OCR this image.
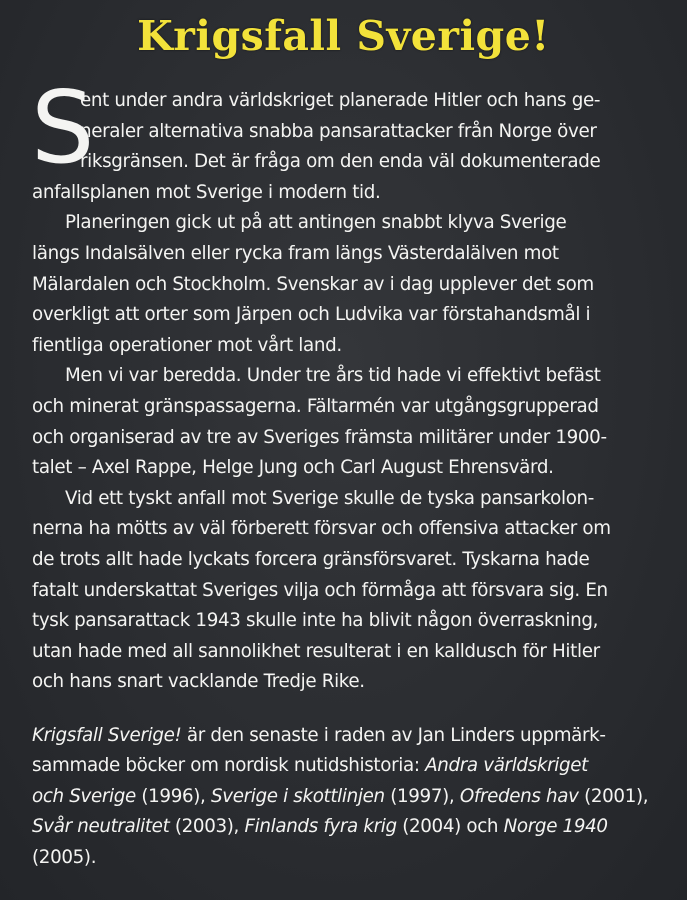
Krigsfall Sverige!

S
ent under andra världskriget planerade Hitler och hans ge-
neraler alternativa snabba pansarattacker från Norge över
riksgränsen. Det är fråga om den enda väl dokumenterade
anfallsplanen mot Sverige i modern tid.

Planeringen gick ut på att antingen snabbt klyva Sverige
längs Indalsälven eller rycka fram längs Västerdalälven mot
Mälardalen och Stockholm. Svenskar av i dag upplever det som
overkligt att orter som Järpen och Ludvika var förstahandsmål i
fientliga operationer mot vårt land.

Men vi var beredda. Under tre års tid hade vi effektivt befäst
och minerat gränspassagerna. Fältarmén var utgångsgrupperad
och organiserad av tre av Sveriges främsta militärer under 1900-
talet – Axel Rappe, Helge Jung och Carl August Ehrensvärd.

Vid ett tyskt anfall mot Sverige skulle de tyska pansarkolon-
nerna ha mötts av väl förberett försvar och offensiva attacker om
de trots allt hade lyckats forcera gränsförsvaret. Tyskarna hade
fatalt underskattat Sveriges vilja och förmåga att försvara sig. En
tysk pansarattack 1943 skulle inte ha blivit någon överraskning,
utan hade med all sannolikhet resulterat i en kalldusch för Hitler
och hans snart vacklande Tredje Rike.

Krigsfall Sverige! är den senaste i raden av Jan Linders uppmärk-
sammade böcker om nordisk nutidshistoria: Andra världskriget
och Sverige (1996), Sverige i skottlinjen (1997), Ofredens hav (2001),
Svår neutralitet (2003), Finlands fyra krig (2004) och Norge 1940
(2005).
